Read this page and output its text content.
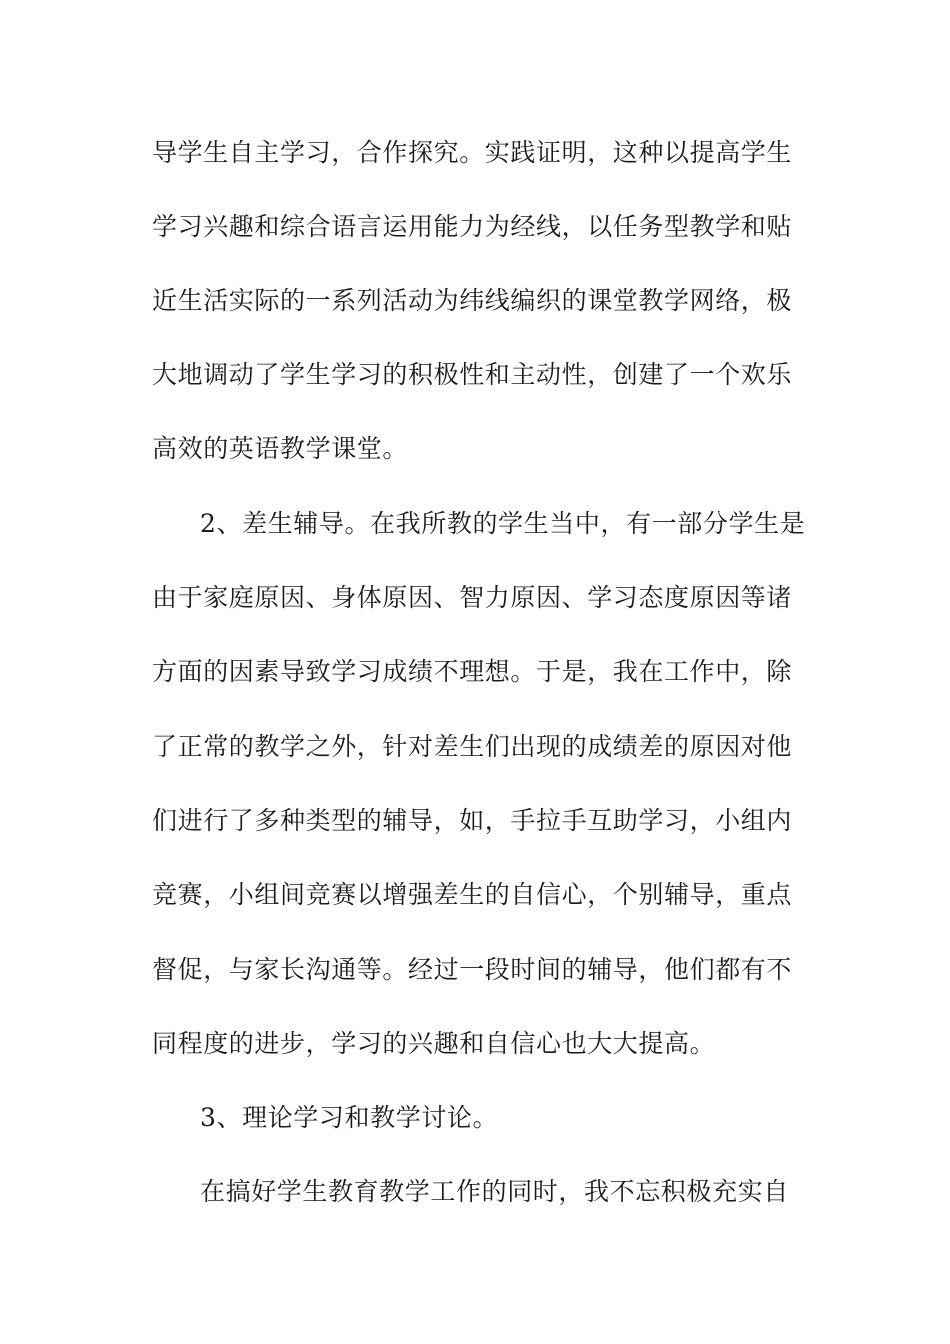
导学生自主学习，合作探究。实践证明，这种以提高学生
学习兴趣和综合语言运用能力为经线，以任务型教学和贴
近生活实际的一系列活动为纬线编织的课堂教学网络，极
大地调动了学生学习的积极性和主动性，创建了一个欢乐
高效的英语教学课堂。
2、差生辅导。在我所教的学生当中，有一部分学生是
由于家庭原因、身体原因、智力原因、学习态度原因等诸
方面的因素导致学习成绩不理想。于是，我在工作中，除
了正常的教学之外，针对差生们出现的成绩差的原因对他
们进行了多种类型的辅导，如，手拉手互助学习，小组内
竞赛，小组间竞赛以增强差生的自信心，个别辅导，重点
督促，与家长沟通等。经过一段时间的辅导，他们都有不
同程度的进步，学习的兴趣和自信心也大大提高。
3、理论学习和教学讨论。
在搞好学生教育教学工作的同时，我不忘积极充实自
